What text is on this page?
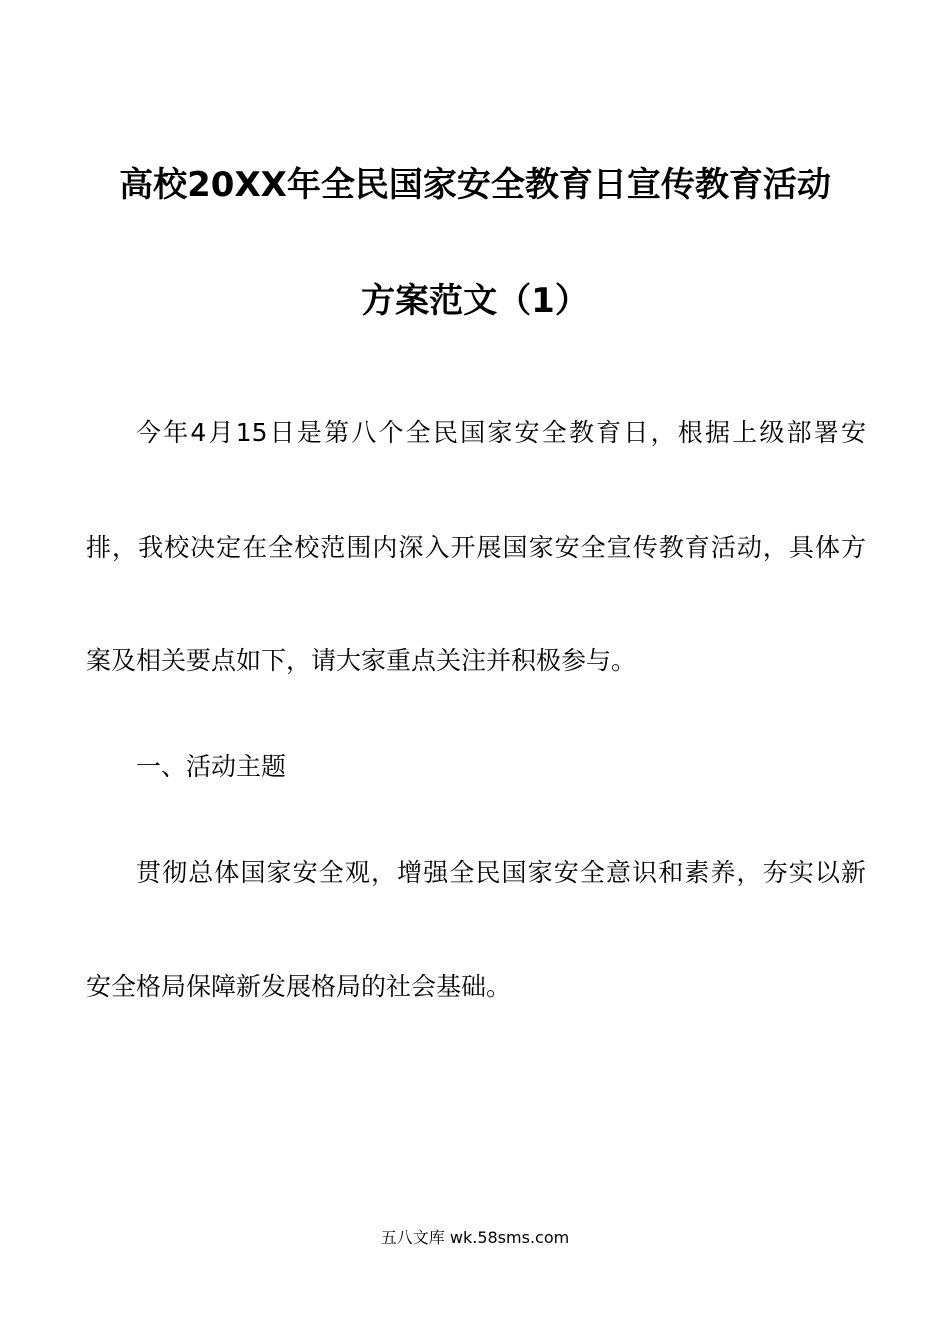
高校20XX年全民国家安全教育日宣传教育活动
方案范文（1）

今年4月15日是第八个全民国家安全教育日，根据上级部署安

排，我校决定在全校范围内深入开展国家安全宣传教育活动，具体方

案及相关要点如下，请大家重点关注并积极参与。

一、活动主题

贯彻总体国家安全观，增强全民国家安全意识和素养，夯实以新

安全格局保障新发展格局的社会基础。

五八文库 wk.58sms.com
